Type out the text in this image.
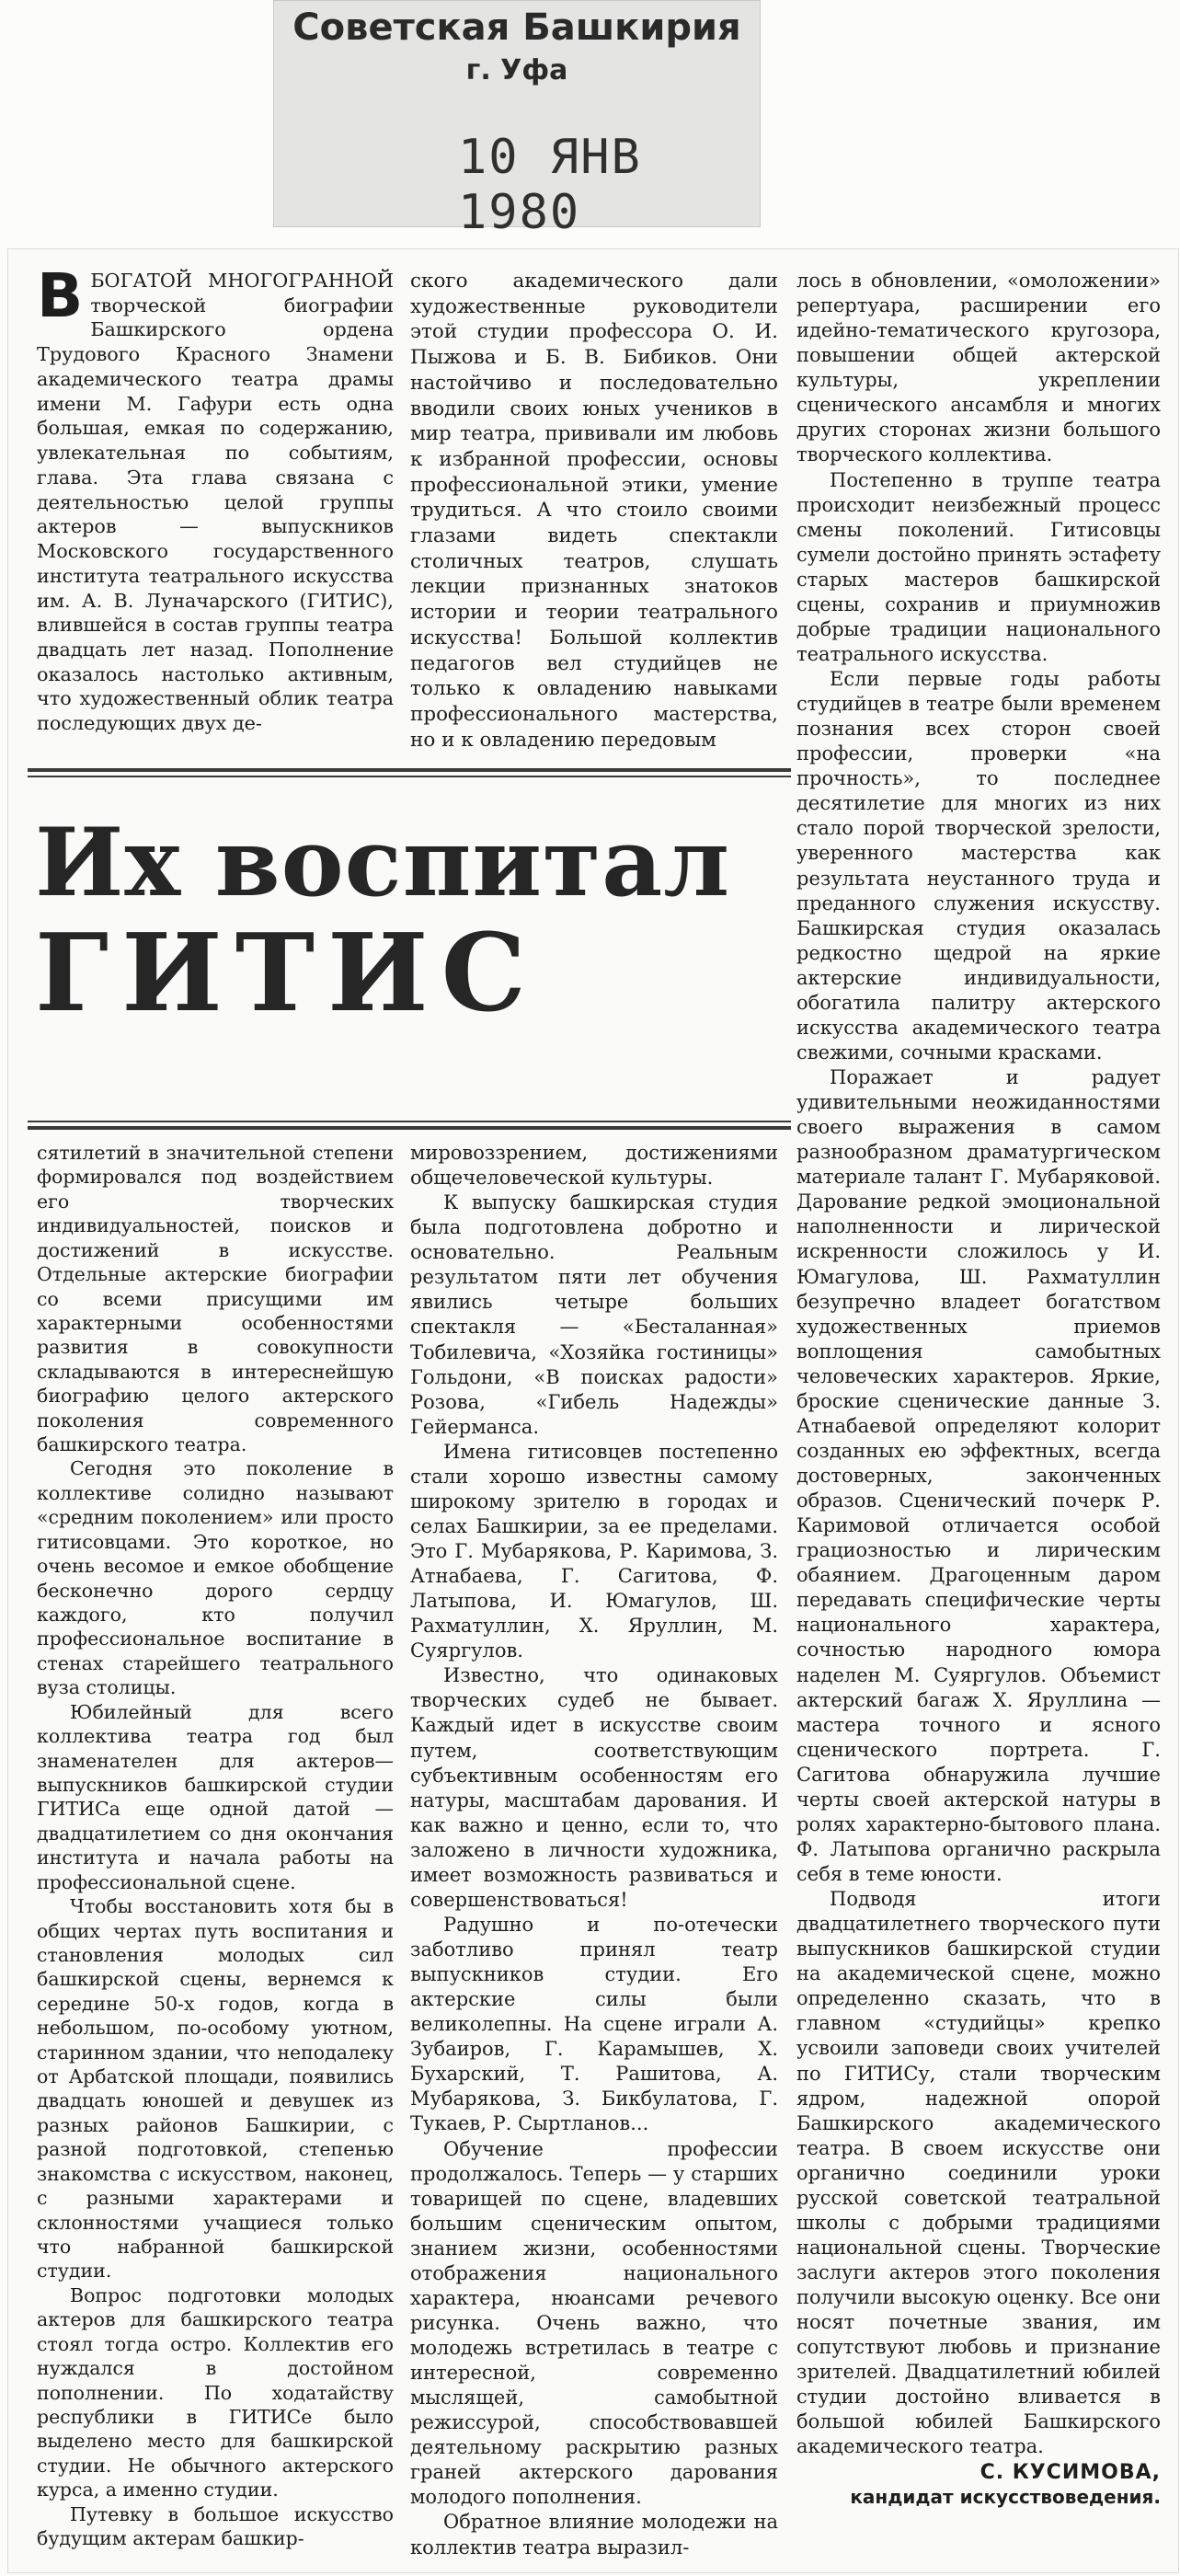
Советская Башкирия
г. Уфа
10 ЯНВ 1980

ВБОГАТОЙ МНОГОГРАННОЙ творческой биографии Башкирского ордена Трудового Красного Знамени академического театра драмы имени М. Гафури есть одна большая, емкая по содержанию, увлекательная по событиям, глава. Эта глава связана с деятельностью целой группы актеров — выпускников Московского государственного института театрального искусства им. А. В. Луначарского (ГИТИС), влившейся в состав группы театра двадцать лет назад. Пополнение оказалось настолько активным, что художественный облик театра последующих двух де-

ского академического дали художественные руководители этой студии профессора О. И. Пыжова и Б. В. Бибиков. Они настойчиво и последовательно вводили своих юных учеников в мир театра, прививали им любовь к избранной профессии, основы профессиональной этики, умение трудиться. А что стоило своими глазами видеть спектакли столичных театров, слушать лекции признанных знатоков истории и теории театрального искусства! Большой коллектив педагогов вел студийцев не только к овладению навыками профессионального мастерства, но и к овладению передовым

Их воспитал
ГИТИС

сятилетий в значительной степени формировался под воздействием его творческих индивидуальностей, поисков и достижений в искусстве. Отдельные актерские биографии со всеми присущими им характерными особенностями развития в совокупности складываются в интереснейшую биографию целого актерского поколения современного башкирского театра.

Сегодня это поколение в коллективе солидно называют «средним поколением» или просто гитисовцами. Это короткое, но очень весомое и емкое обобщение бесконечно дорого сердцу каждого, кто получил профессиональное воспитание в стенах старейшего театрального вуза столицы.

Юбилейный для всего коллектива театра год был знаменателен для актеров—выпускников башкирской студии ГИТИСа еще одной датой — двадцатилетием со дня окончания института и начала работы на профессиональной сцене.

Чтобы восстановить хотя бы в общих чертах путь воспитания и становления молодых сил башкирской сцены, вернемся к середине 50-х годов, когда в небольшом, по-особому уютном, старинном здании, что неподалеку от Арбатской площади, появились двадцать юношей и девушек из разных районов Башкирии, с разной подготовкой, степенью знакомства с искусством, наконец, с разными характерами и склонностями учащиеся только что набранной башкирской студии.

Вопрос подготовки молодых актеров для башкирского театра стоял тогда остро. Коллектив его нуждался в достойном пополнении. По ходатайству республики в ГИТИСе было выделено место для башкирской студии. Не обычного актерского курса, а именно студии.

Путевку в большое искусство будущим актерам башкир-

мировоззрением, достижениями общечеловеческой культуры.

К выпуску башкирская студия была подготовлена добротно и основательно. Реальным результатом пяти лет обучения явились четыре больших спектакля — «Бесталанная» Тобилевича, «Хозяйка гостиницы» Гольдони, «В поисках радости» Розова, «Гибель Надежды» Гейерманса.

Имена гитисовцев постепенно стали хорошо известны самому широкому зрителю в городах и селах Башкирии, за ее пределами. Это Г. Мубарякова, Р. Каримова, З. Атнабаева, Г. Сагитова, Ф. Латыпова, И. Юмагулов, Ш. Рахматуллин, Х. Яруллин, М. Суяргулов.

Известно, что одинаковых творческих судеб не бывает. Каждый идет в искусстве своим путем, соответствующим субъективным особенностям его натуры, масштабам дарования. И как важно и ценно, если то, что заложено в личности художника, имеет возможность развиваться и совершенствоваться!

Радушно и по-отечески заботливо принял театр выпускников студии. Его актерские силы были великолепны. На сцене играли А. Зубаиров, Г. Карамышев, Х. Бухарский, Т. Рашитова, А. Мубарякова, З. Бикбулатова, Г. Тукаев, Р. Сыртланов...

Обучение профессии продолжалось. Теперь — у старших товарищей по сцене, владевших большим сценическим опытом, знанием жизни, особенностями отображения национального характера, нюансами речевого рисунка. Очень важно, что молодежь встретилась в театре с интересной, современно мыслящей, самобытной режиссурой, способствовавшей деятельному раскрытию разных граней актерского дарования молодого пополнения.

Обратное влияние молодежи на коллектив театра выразил-

лось в обновлении, «омоложении» репертуара, расширении его идейно-тематического кругозора, повышении общей актерской культуры, укреплении сценического ансамбля и многих других сторонах жизни большого творческого коллектива.

Постепенно в труппе театра происходит неизбежный процесс смены поколений. Гитисовцы сумели достойно принять эстафету старых мастеров башкирской сцены, сохранив и приумножив добрые традиции национального театрального искусства.

Если первые годы работы студийцев в театре были временем познания всех сторон своей профессии, проверки «на прочность», то последнее десятилетие для многих из них стало порой творческой зрелости, уверенного мастерства как результата неустанного труда и преданного служения искусству. Башкирская студия оказалась редкостно щедрой на яркие актерские индивидуальности, обогатила палитру актерского искусства академического театра свежими, сочными красками.

Поражает и радует удивительными неожиданностями своего выражения в самом разнообразном драматургическом материале талант Г. Мубаряковой. Дарование редкой эмоциональной наполненности и лирической искренности сложилось у И. Юмагулова, Ш. Рахматуллин безупречно владеет богатством художественных приемов воплощения самобытных человеческих характеров. Яркие, броские сценические данные З. Атнабаевой определяют колорит созданных ею эффектных, всегда достоверных, законченных образов. Сценический почерк Р. Каримовой отличается особой грациозностью и лирическим обаянием. Драгоценным даром передавать специфические черты национального характера, сочностью народного юмора наделен М. Суяргулов. Объемист актерский багаж Х. Яруллина — мастера точного и ясного сценического портрета. Г. Сагитова обнаружила лучшие черты своей актерской натуры в ролях характерно-бытового плана. Ф. Латыпова органично раскрыла себя в теме юности.

Подводя итоги двадцатилетнего творческого пути выпускников башкирской студии на академической сцене, можно определенно сказать, что в главном «студийцы» крепко усвоили заповеди своих учителей по ГИТИСу, стали творческим ядром, надежной опорой Башкирского академического театра. В своем искусстве они органично соединили уроки русской советской театральной школы с добрыми традициями национальной сцены. Творческие заслуги актеров этого поколения получили высокую оценку. Все они носят почетные звания, им сопутствуют любовь и признание зрителей. Двадцатилетний юбилей студии достойно вливается в большой юбилей Башкирского академического театра.

С. КУСИМОВА,

кандидат искусствоведения.
